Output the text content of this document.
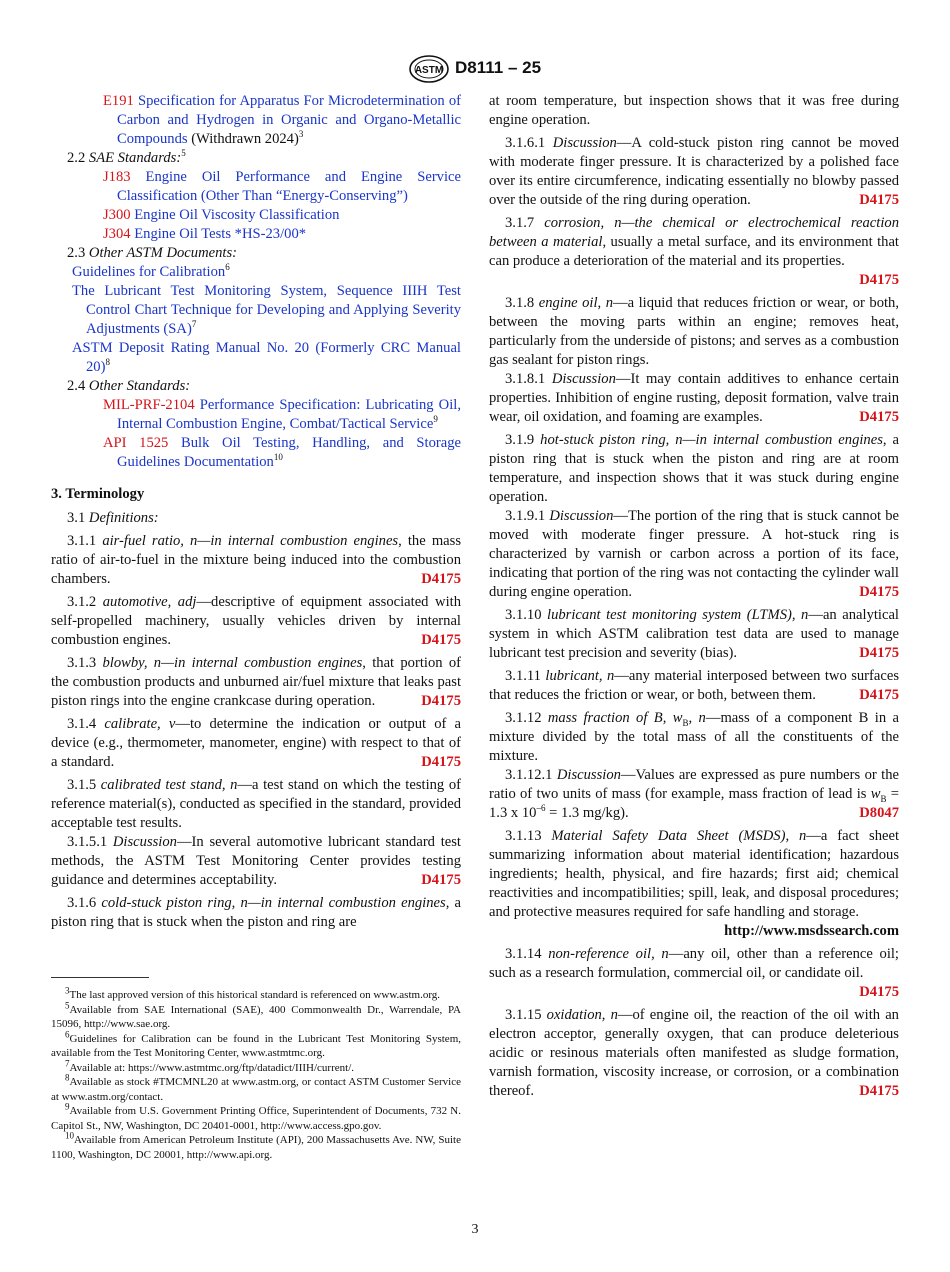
ASTM D8111 – 25

E191 Specification for Apparatus For Microdetermination of Carbon and Hydrogen in Organic and Organo-Metallic Compounds (Withdrawn 2024)$^3$

2.2 SAE Standards:$^5$

J183 Engine Oil Performance and Engine Service Classification (Other Than “Energy-Conserving”)

J300 Engine Oil Viscosity Classification

J304 Engine Oil Tests *HS-23/00*

2.3 Other ASTM Documents:

Guidelines for Calibration$^6$

The Lubricant Test Monitoring System, Sequence IIIH Test Control Chart Technique for Developing and Applying Severity Adjustments (SA)$^7$

ASTM Deposit Rating Manual No. 20 (Formerly CRC Manual 20)$^8$

2.4 Other Standards:

MIL-PRF-2104 Performance Specification: Lubricating Oil, Internal Combustion Engine, Combat/Tactical Service$^9$

API 1525 Bulk Oil Testing, Handling, and Storage Guidelines Documentation$^{10}$

3. Terminology

3.1 Definitions:

3.1.1 air-fuel ratio, n—in internal combustion engines, the mass ratio of air-to-fuel in the mixture being induced into the combustion chambers.	D4175

3.1.2 automotive, adj—descriptive of equipment associated with self-propelled machinery, usually vehicles driven by internal combustion engines.	D4175

3.1.3 blowby, n—in internal combustion engines, that portion of the combustion products and unburned air/fuel mixture that leaks past piston rings into the engine crankcase during operation.	D4175

3.1.4 calibrate, v—to determine the indication or output of a device (e.g., thermometer, manometer, engine) with respect to that of a standard.	D4175

3.1.5 calibrated test stand, n—a test stand on which the testing of reference material(s), conducted as specified in the standard, provided acceptable test results.

3.1.5.1 Discussion—In several automotive lubricant standard test methods, the ASTM Test Monitoring Center provides testing guidance and determines acceptability.	D4175

3.1.6 cold-stuck piston ring, n—in internal combustion engines, a piston ring that is stuck when the piston and ring are

at room temperature, but inspection shows that it was free during engine operation.

3.1.6.1 Discussion—A cold-stuck piston ring cannot be moved with moderate finger pressure. It is characterized by a polished face over its entire circumference, indicating essentially no blowby passed over the outside of the ring during operation.	D4175

3.1.7 corrosion, n—the chemical or electrochemical reaction between a material, usually a metal surface, and its environment that can produce a deterioration of the material and its properties.
D4175

3.1.8 engine oil, n—a liquid that reduces friction or wear, or both, between the moving parts within an engine; removes heat, particularly from the underside of pistons; and serves as a combustion gas sealant for piston rings.

3.1.8.1 Discussion—It may contain additives to enhance certain properties. Inhibition of engine rusting, deposit formation, valve train wear, oil oxidation, and foaming are examples.	D4175

3.1.9 hot-stuck piston ring, n—in internal combustion engines, a piston ring that is stuck when the piston and ring are at room temperature, and inspection shows that it was stuck during engine operation.

3.1.9.1 Discussion—The portion of the ring that is stuck cannot be moved with moderate finger pressure. A hot-stuck ring is characterized by varnish or carbon across a portion of its face, indicating that portion of the ring was not contacting the cylinder wall during engine operation.	D4175

3.1.10 lubricant test monitoring system (LTMS), n—an analytical system in which ASTM calibration test data are used to manage lubricant test precision and severity (bias).	D4175

3.1.11 lubricant, n—any material interposed between two surfaces that reduces the friction or wear, or both, between them.	D4175

3.1.12 mass fraction of B, $w_B$, n—mass of a component B in a mixture divided by the total mass of all the constituents of the mixture.

3.1.12.1 Discussion—Values are expressed as pure numbers or the ratio of two units of mass (for example, mass fraction of lead is $w_B = 1.3$ x $10^{-6} = 1.3$ mg/kg).	D8047

3.1.13 Material Safety Data Sheet (MSDS), n—a fact sheet summarizing information about material identification; hazardous ingredients; health, physical, and fire hazards; first aid; chemical reactivities and incompatibilities; spill, leak, and disposal procedures; and protective measures required for safe handling and storage.
http://www.msdssearch.com

3.1.14 non-reference oil, n—any oil, other than a reference oil; such as a research formulation, commercial oil, or candidate oil.
D4175

3.1.15 oxidation, n—of engine oil, the reaction of the oil with an electron acceptor, generally oxygen, that can produce deleterious acidic or resinous materials often manifested as sludge formation, varnish formation, viscosity increase, or corrosion, or a combination thereof.	D4175

$^3$The last approved version of this historical standard is referenced on www.astm.org.

$^5$Available from SAE International (SAE), 400 Commonwealth Dr., Warrendale, PA 15096, http://www.sae.org.

$^6$Guidelines for Calibration can be found in the Lubricant Test Monitoring System, available from the Test Monitoring Center, www.astmtmc.org.

$^7$Available at: https://www.astmtmc.org/ftp/datadict/IIIH/current/.

$^8$Available as stock #TMCMNL20 at www.astm.org, or contact ASTM Customer Service at www.astm.org/contact.

$^9$Available from U.S. Government Printing Office, Superintendent of Documents, 732 N. Capitol St., NW, Washington, DC 20401-0001, http://www.access.gpo.gov.

$^{10}$Available from American Petroleum Institute (API), 200 Massachusetts Ave. NW, Suite 1100, Washington, DC 20001, http://www.api.org.

3
